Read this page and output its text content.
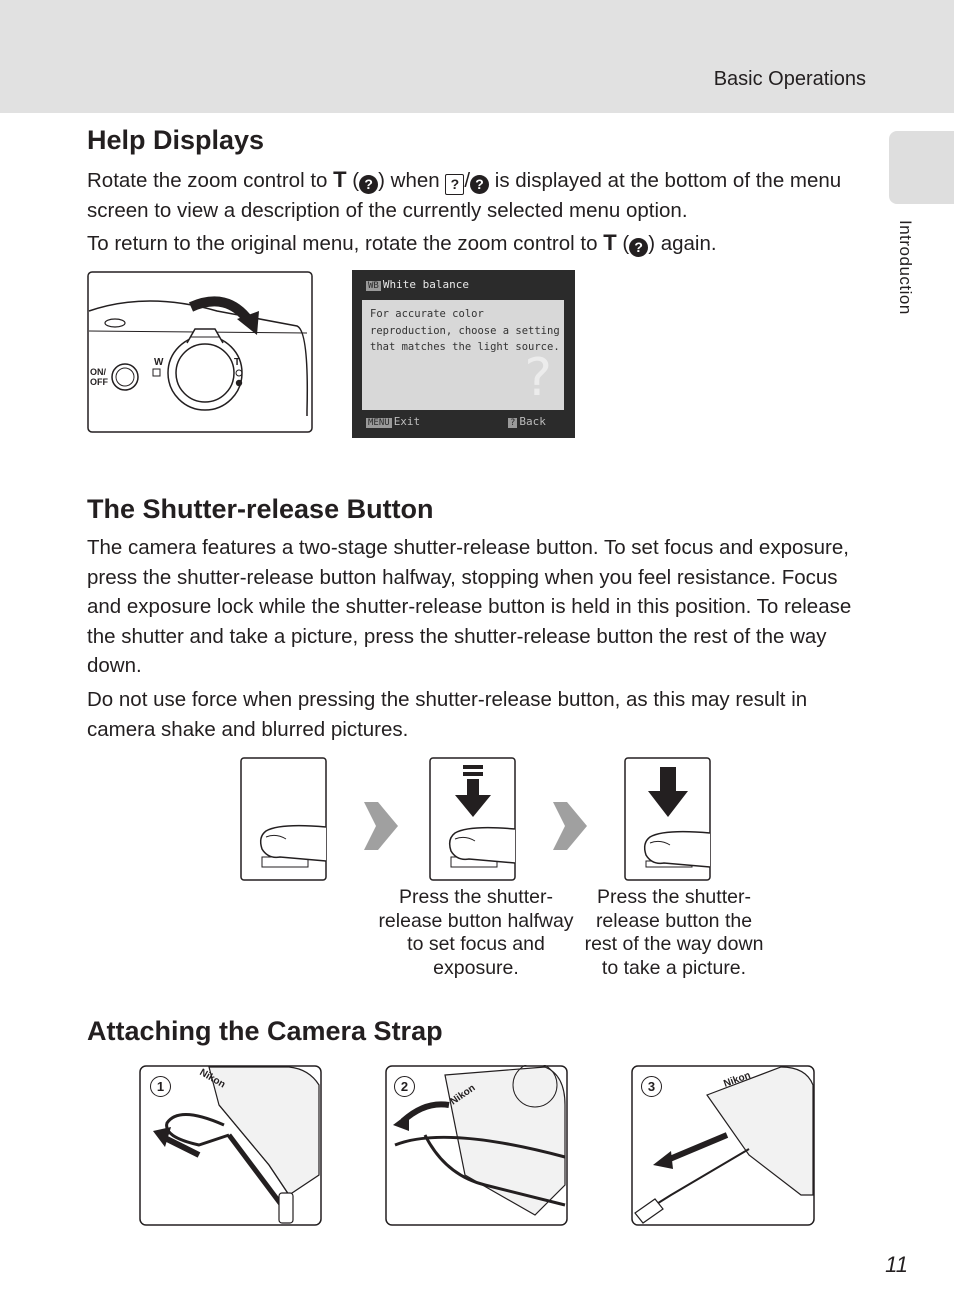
Basic Operations
Introduction
Help Displays

Rotate the zoom control to T ( ? ) when ? / ? is displayed at the bottom of the menu screen to view a description of the currently selected menu option.

To return to the original menu, rotate the zoom control to T ( ? ) again.

ON/
OFF
W	T
WB White balance
For accurate color reproduction, choose a setting that matches the light source.
?
MENU Exit	? Back
The Shutter-release Button

The camera features a two-stage shutter-release button. To set focus and exposure, press the shutter-release button halfway, stopping when you feel resistance. Focus and exposure lock while the shutter-release button is held in this position. To release the shutter and take a picture, press the shutter-release button the rest of the way down.

Do not use force when pressing the shutter-release button, as this may result in camera shake and blurred pictures.

Press the shutter-
release button halfway
to set focus and
exposure.
Press the shutter-
release button the
rest of the way down
to take a picture.
Attaching the Camera Strap
Nikon
Nikon
Nikon
1	2	3
11
